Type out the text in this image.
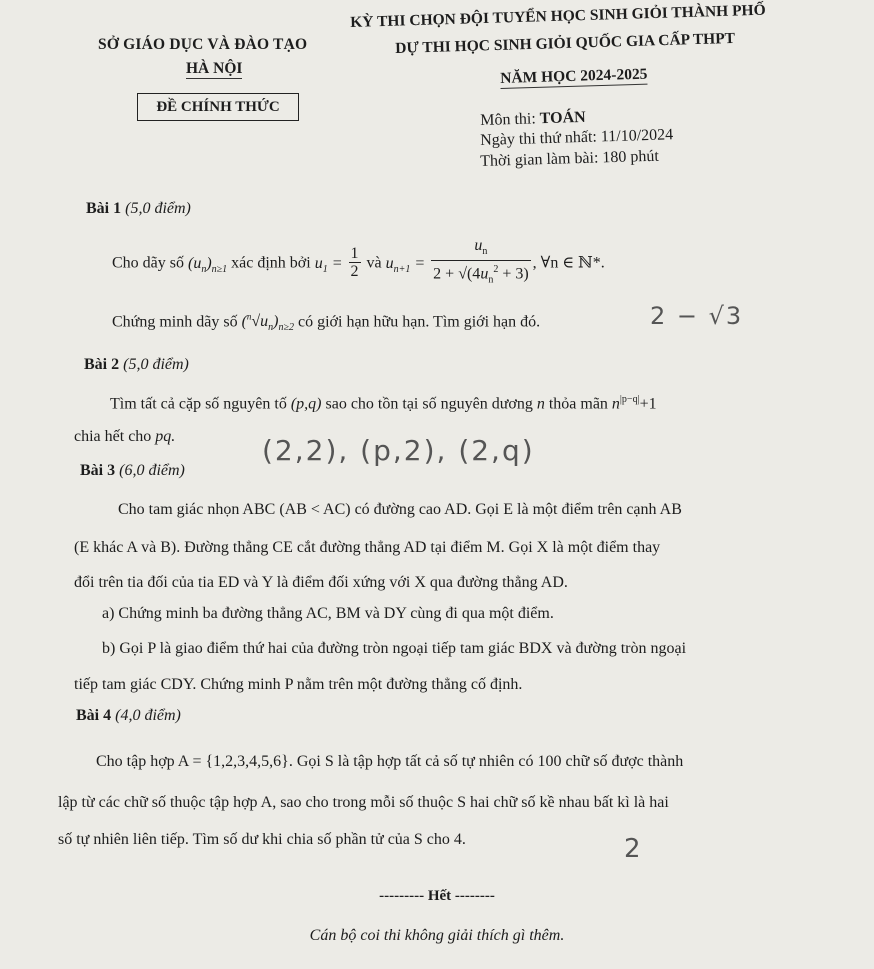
SỞ GIÁO DỤC VÀ ĐÀO TẠO
HÀ NỘI
ĐỀ CHÍNH THỨC
KỲ THI CHỌN ĐỘI TUYỂN HỌC SINH GIỎI THÀNH PHỐ
DỰ THI HỌC SINH GIỎI QUỐC GIA CẤP THPT
NĂM HỌC 2024-2025
Môn thi: TOÁN
Ngày thi thứ nhất: 11/10/2024
Thời gian làm bài: 180 phút
Bài 1 (5,0 điểm)
Cho dãy số $(u_n)_{n\ge 1}$ xác định bởi $u_1 = \frac{1}{2}$ và $u_{n+1} = \frac{u_n}{2 + √(4u_n^2 + 3)}$ , ∀n ∈ ℕ*.
Chứng minh dãy số $(^n√u_n)_{n\ge 2}$ có giới hạn hữu hạn. Tìm giới hạn đó.	2 − √3
Bài 2 (5,0 điểm)
Tìm tất cả cặp số nguyên tố (p,q) sao cho tồn tại số nguyên dương n thỏa mãn $n^{|p-q|}+1$
chia hết cho pq.	(2,2), (p,2), (2,q)
Bài 3 (6,0 điểm)
Cho tam giác nhọn ABC (AB < AC) có đường cao AD. Gọi E là một điểm trên cạnh AB
(E khác A và B). Đường thẳng CE cắt đường thẳng AD tại điểm M. Gọi X là một điểm thay
đổi trên tia đối của tia ED và Y là điểm đối xứng với X qua đường thẳng AD.
a) Chứng minh ba đường thẳng AC, BM và DY cùng đi qua một điểm.
b) Gọi P là giao điểm thứ hai của đường tròn ngoại tiếp tam giác BDX và đường tròn ngoại
tiếp tam giác CDY. Chứng minh P nằm trên một đường thẳng cố định.
Bài 4 (4,0 điểm)
Cho tập hợp A = {1,2,3,4,5,6}. Gọi S là tập hợp tất cả số tự nhiên có 100 chữ số được thành
lập từ các chữ số thuộc tập hợp A, sao cho trong mỗi số thuộc S hai chữ số kề nhau bất kì là hai
số tự nhiên liên tiếp. Tìm số dư khi chia số phần tử của S cho 4.	2
--------- Hết --------
Cán bộ coi thi không giải thích gì thêm.
